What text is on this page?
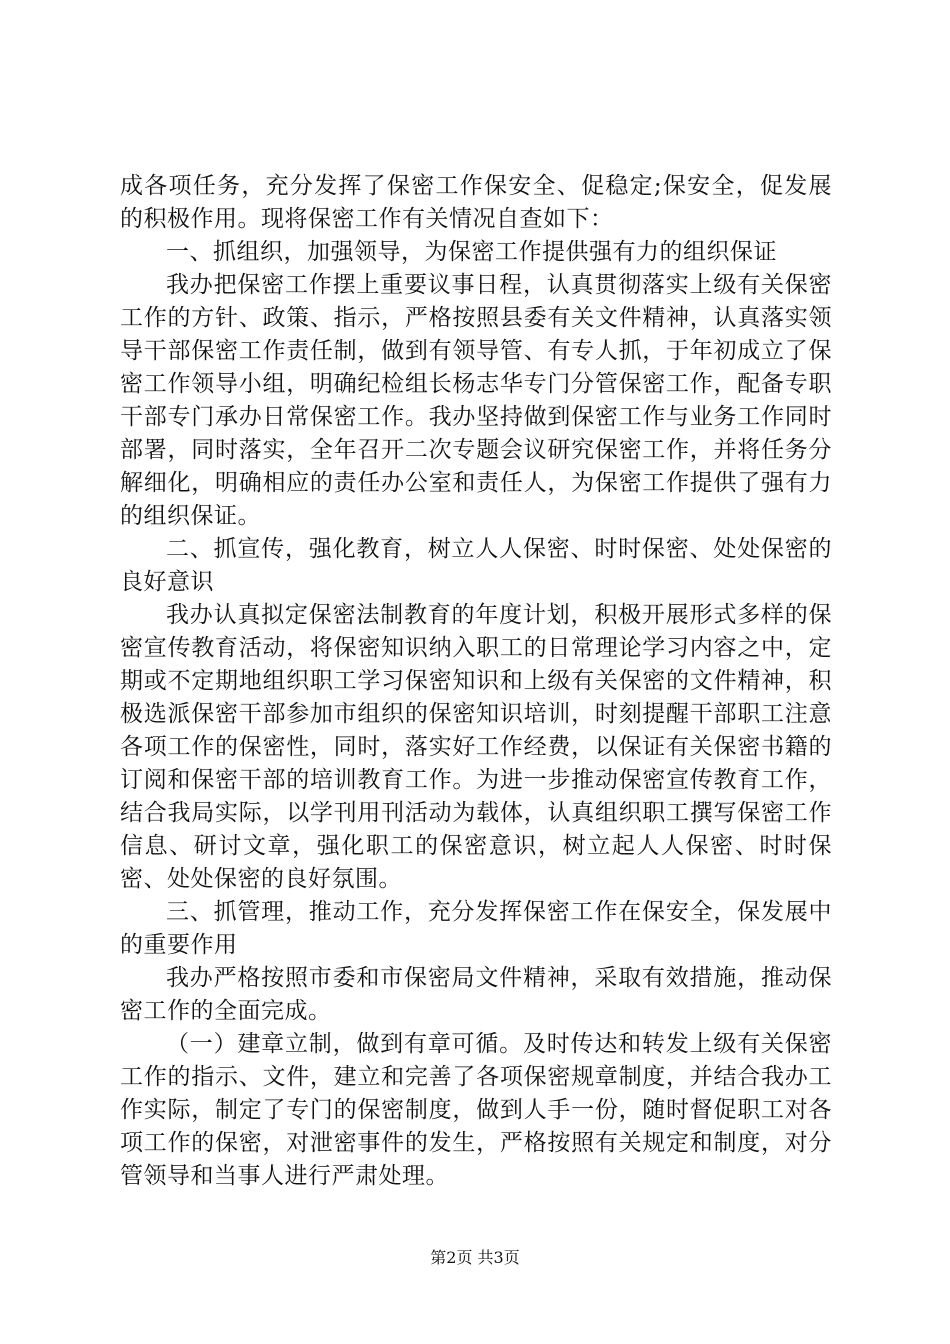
成各项任务，充分发挥了保密工作保安全、促稳定;保安全，促发展的积极作用。现将保密工作有关情况自查如下：

一、抓组织，加强领导，为保密工作提供强有力的组织保证

我办把保密工作摆上重要议事日程，认真贯彻落实上级有关保密工作的方针、政策、指示，严格按照县委有关文件精神，认真落实领导干部保密工作责任制，做到有领导管、有专人抓，于年初成立了保密工作领导小组，明确纪检组长杨志华专门分管保密工作，配备专职干部专门承办日常保密工作。我办坚持做到保密工作与业务工作同时部署，同时落实，全年召开二次专题会议研究保密工作，并将任务分解细化，明确相应的责任办公室和责任人，为保密工作提供了强有力的组织保证。

二、抓宣传，强化教育，树立人人保密、时时保密、处处保密的良好意识

我办认真拟定保密法制教育的年度计划，积极开展形式多样的保密宣传教育活动，将保密知识纳入职工的日常理论学习内容之中，定期或不定期地组织职工学习保密知识和上级有关保密的文件精神，积极选派保密干部参加市组织的保密知识培训，时刻提醒干部职工注意各项工作的保密性，同时，落实好工作经费，以保证有关保密书籍的订阅和保密干部的培训教育工作。为进一步推动保密宣传教育工作，结合我局实际，以学刊用刊活动为载体，认真组织职工撰写保密工作信息、研讨文章，强化职工的保密意识，树立起人人保密、时时保密、处处保密的良好氛围。

三、抓管理，推动工作，充分发挥保密工作在保安全，保发展中的重要作用

我办严格按照市委和市保密局文件精神，采取有效措施，推动保密工作的全面完成。

（一）建章立制，做到有章可循。及时传达和转发上级有关保密工作的指示、文件，建立和完善了各项保密规章制度，并结合我办工作实际，制定了专门的保密制度，做到人手一份，随时督促职工对各项工作的保密，对泄密事件的发生，严格按照有关规定和制度，对分管领导和当事人进行严肃处理。

第2页 共3页
